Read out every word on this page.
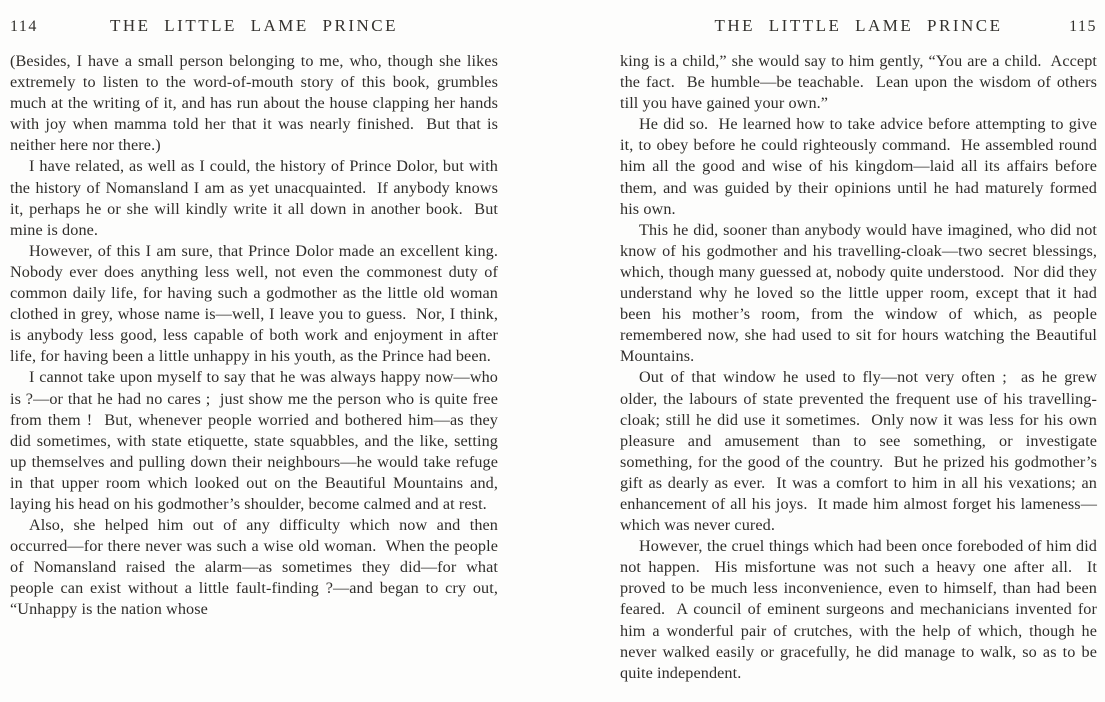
114	THE LITTLE LAME PRINCE

(Besides, I have a small person belonging to me, who, though she likes extremely to listen to the word-of-mouth story of this book, grumbles much at the writing of it, and has run about the house clapping her hands with joy when mamma told her that it was nearly finished.  But that is neither here nor there.)

I have related, as well as I could, the history of Prince Dolor, but with the history of Nomansland I am as yet unacquainted.  If anybody knows it, perhaps he or she will kindly write it all down in another book.  But mine is done.

However, of this I am sure, that Prince Dolor made an excellent king.  Nobody ever does anything less well, not even the commonest duty of common daily life, for having such a godmother as the little old woman clothed in grey, whose name is—well, I leave you to guess.  Nor, I think, is anybody less good, less capable of both work and enjoyment in after life, for having been a little unhappy in his youth, as the Prince had been.

I cannot take upon myself to say that he was always happy now—who is ?—or that he had no cares ;  just show me the person who is quite free from them !  But, whenever people worried and bothered him—as they did sometimes, with state etiquette, state squabbles, and the like, setting up themselves and pulling down their neighbours—he would take refuge in that upper room which looked out on the Beautiful Mountains and, laying his head on his godmother’s shoulder, become calmed and at rest.

Also, she helped him out of any difficulty which now and then occurred—for there never was such a wise old woman.  When the people of Nomansland raised the alarm—as sometimes they did—for what people can exist without a little fault-finding ?—and began to cry out, “Unhappy is the nation whose

THE LITTLE LAME PRINCE	115

king is a child,” she would say to him gently, “You are a child.  Accept the fact.  Be humble—be teachable.  Lean upon the wisdom of others till you have gained your own.”

He did so.  He learned how to take advice before attempting to give it, to obey before he could righteously command.  He assembled round him all the good and wise of his kingdom—laid all its affairs before them, and was guided by their opinions until he had maturely formed his own.

This he did, sooner than anybody would have imagined, who did not know of his godmother and his travelling-cloak—two secret blessings, which, though many guessed at, nobody quite understood.  Nor did they understand why he loved so the little upper room, except that it had been his mother’s room, from the window of which, as people remembered now, she had used to sit for hours watching the Beautiful Mountains.

Out of that window he used to fly—not very often ;  as he grew older, the labours of state prevented the frequent use of his travelling-cloak; still he did use it sometimes.  Only now it was less for his own pleasure and amusement than to see something, or investigate something, for the good of the country.  But he prized his godmother’s gift as dearly as ever.  It was a comfort to him in all his vexations; an enhancement of all his joys.  It made him almost forget his lameness—which was never cured.

However, the cruel things which had been once foreboded of him did not happen.  His misfortune was not such a heavy one after all.  It proved to be much less inconvenience, even to himself, than had been feared.  A council of eminent surgeons and mechanicians invented for him a wonderful pair of crutches, with the help of which, though he never walked easily or gracefully, he did manage to walk, so as to be quite independent.
